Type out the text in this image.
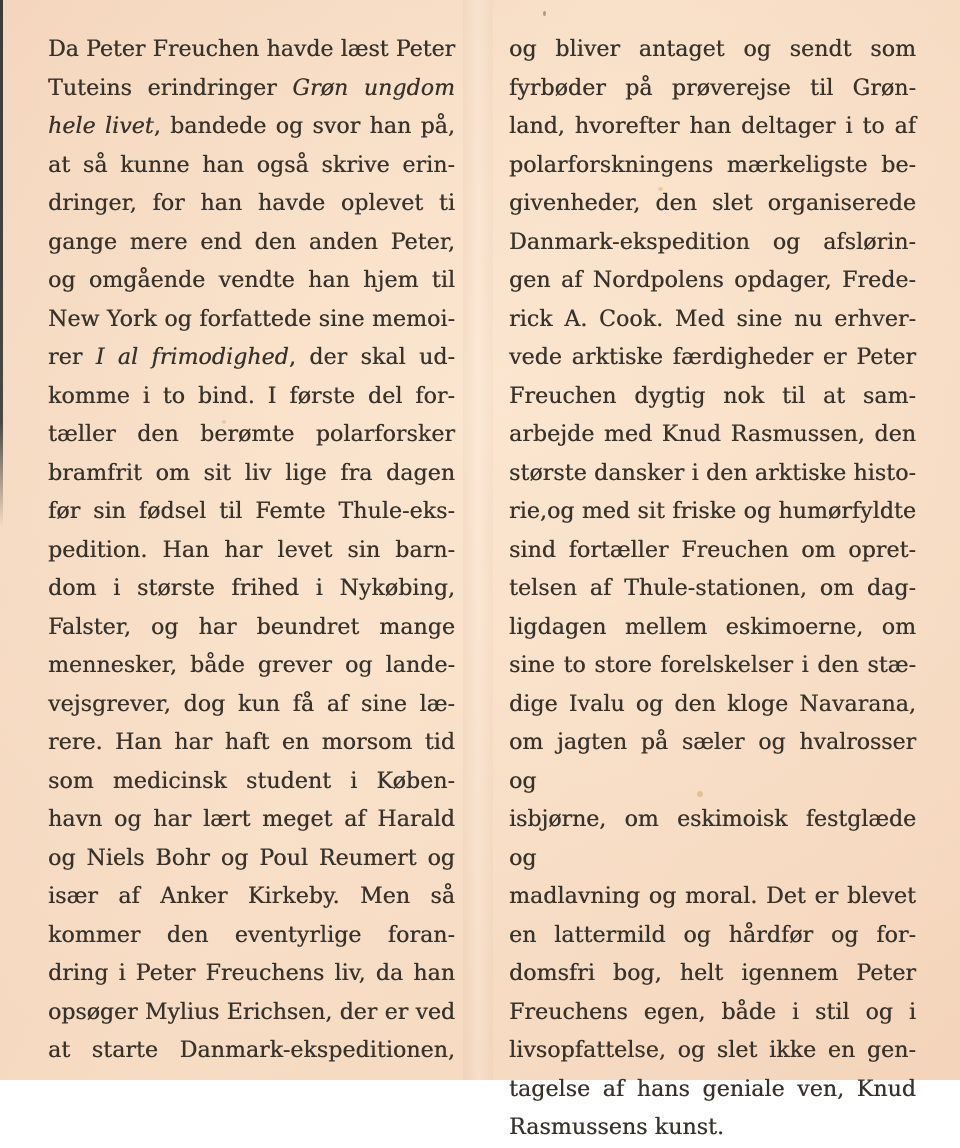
Da Peter Freuchen havde læst Peter
Tuteins erindringer Grøn ungdom
hele livet, bandede og svor han på,
at så kunne han også skrive erin-
dringer, for han havde oplevet ti
gange mere end den anden Peter,
og omgående vendte han hjem til
New York og forfattede sine memoi-
rer I al frimodighed, der skal ud-
komme i to bind. I første del for-
tæller den berømte polarforsker
bramfrit om sit liv lige fra dagen
før sin fødsel til Femte Thule-eks-
pedition. Han har levet sin barn-
dom i største frihed i Nykøbing,
Falster, og har beundret mange
mennesker, både grever og lande-
vejsgrever, dog kun få af sine læ-
rere. Han har haft en morsom tid
som medicinsk student i Køben-
havn og har lært meget af Harald
og Niels Bohr og Poul Reumert og
især af Anker Kirkeby. Men så
kommer den eventyrlige foran-
dring i Peter Freuchens liv, da han
opsøger Mylius Erichsen, der er ved
at starte Danmark-ekspeditionen,
og bliver antaget og sendt som
fyrbøder på prøverejse til Grøn-
land, hvorefter han deltager i to af
polarforskningens mærkeligste be-
givenheder, den slet organiserede
Danmark-ekspedition og afslørin-
gen af Nordpolens opdager, Frede-
rick A. Cook. Med sine nu erhver-
vede arktiske færdigheder er Peter
Freuchen dygtig nok til at sam-
arbejde med Knud Rasmussen, den
største dansker i den arktiske histo-
rie,og med sit friske og humørfyldte
sind fortæller Freuchen om opret-
telsen af Thule-stationen, om dag-
ligdagen mellem eskimoerne, om
sine to store forelskelser i den stæ-
dige Ivalu og den kloge Navarana,
om jagten på sæler og hvalrosser og
isbjørne, om eskimoisk festglæde og
madlavning og moral. Det er blevet
en lattermild og hårdfør og for-
domsfri bog, helt igennem Peter
Freuchens egen, både i stil og i
livsopfattelse, og slet ikke en gen-
tagelse af hans geniale ven, Knud
Rasmussens kunst.
